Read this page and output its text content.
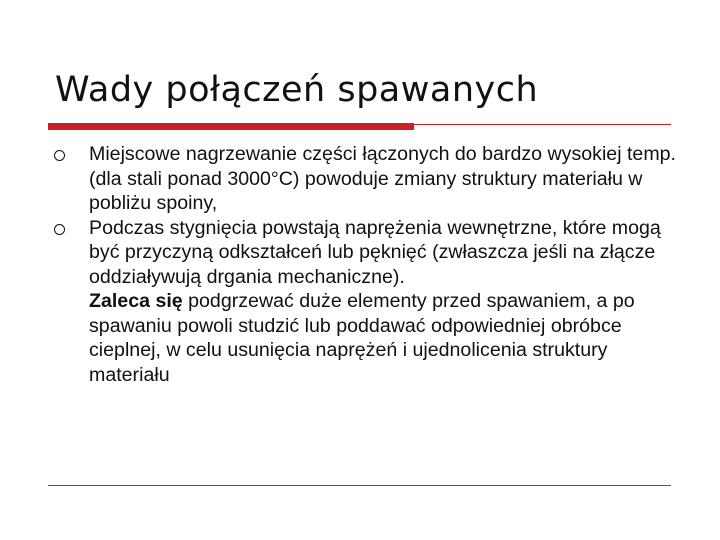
Wady połączeń spawanych
Miejscowe nagrzewanie części łączonych do bardzo wysokiej temp. (dla stali ponad 3000°C) powoduje zmiany struktury materiału w pobliżu spoiny,
Podczas stygnięcia powstają naprężenia wewnętrzne, które mogą być przyczyną odkształceń lub pęknięć (zwłaszcza jeśli na złącze oddziaływują drgania mechaniczne).
Zaleca się podgrzewać duże elementy przed spawaniem, a po spawaniu powoli studzić lub poddawać odpowiedniej obróbce cieplnej, w celu usunięcia naprężeń i ujednolicenia struktury materiału
